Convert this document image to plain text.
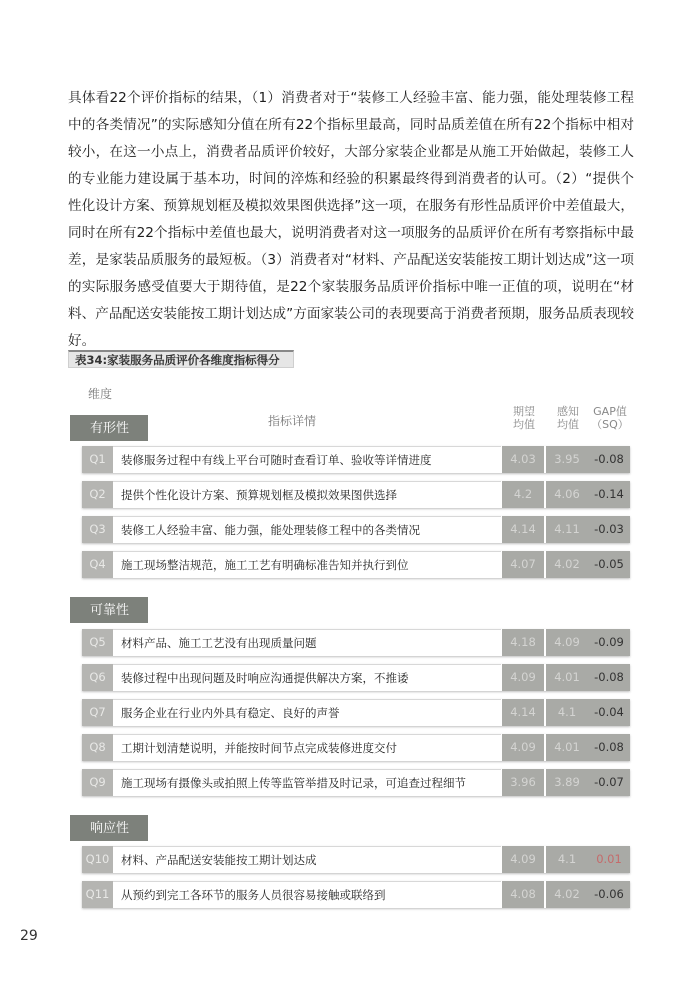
具体看22个评价指标的结果，（1）消费者对于“装修工人经验丰富、能力强，能处理装修工程中的各类情况”的实际感知分值在所有22个指标里最高，同时品质差值在所有22个指标中相对较小，在这一小点上，消费者品质评价较好，大部分家装企业都是从施工开始做起，装修工人的专业能力建设属于基本功，时间的淬炼和经验的积累最终得到消费者的认可。（2）“提供个性化设计方案、预算规划框及模拟效果图供选择”这一项，在服务有形性品质评价中差值最大，同时在所有22个指标中差值也最大，说明消费者对这一项服务的品质评价在所有考察指标中最差，是家装品质服务的最短板。（3）消费者对“材料、产品配送安装能按工期计划达成”这一项的实际服务感受值要大于期待值，是22个家装服务品质评价指标中唯一正值的项，说明在“材料、产品配送安装能按工期计划达成”方面家装公司的表现要高于消费者预期，服务品质表现较好。
表34:家装服务品质评价各维度指标得分
维度
指标详情
期望
均值
感知
均值
GAP值
（SQ）
有形性
Q1	装修服务过程中有线上平台可随时查看订单、验收等详情进度	4.03	3.95	-0.08
Q2	提供个性化设计方案、预算规划框及模拟效果图供选择	4.2	4.06	-0.14
Q3	装修工人经验丰富、能力强，能处理装修工程中的各类情况	4.14	4.11	-0.03
Q4	施工现场整洁规范，施工工艺有明确标准告知并执行到位	4.07	4.02	-0.05
可靠性
Q5	材料产品、施工工艺没有出现质量问题	4.18	4.09	-0.09
Q6	装修过程中出现问题及时响应沟通提供解决方案，不推诿	4.09	4.01	-0.08
Q7	服务企业在行业内外具有稳定、良好的声誉	4.14	4.1	-0.04
Q8	工期计划清楚说明，并能按时间节点完成装修进度交付	4.09	4.01	-0.08
Q9	施工现场有摄像头或拍照上传等监管举措及时记录，可追查过程细节	3.96	3.89	-0.07
响应性
Q10	材料、产品配送安装能按工期计划达成	4.09	4.1	0.01
Q11	从预约到完工各环节的服务人员很容易接触或联络到	4.08	4.02	-0.06
29
